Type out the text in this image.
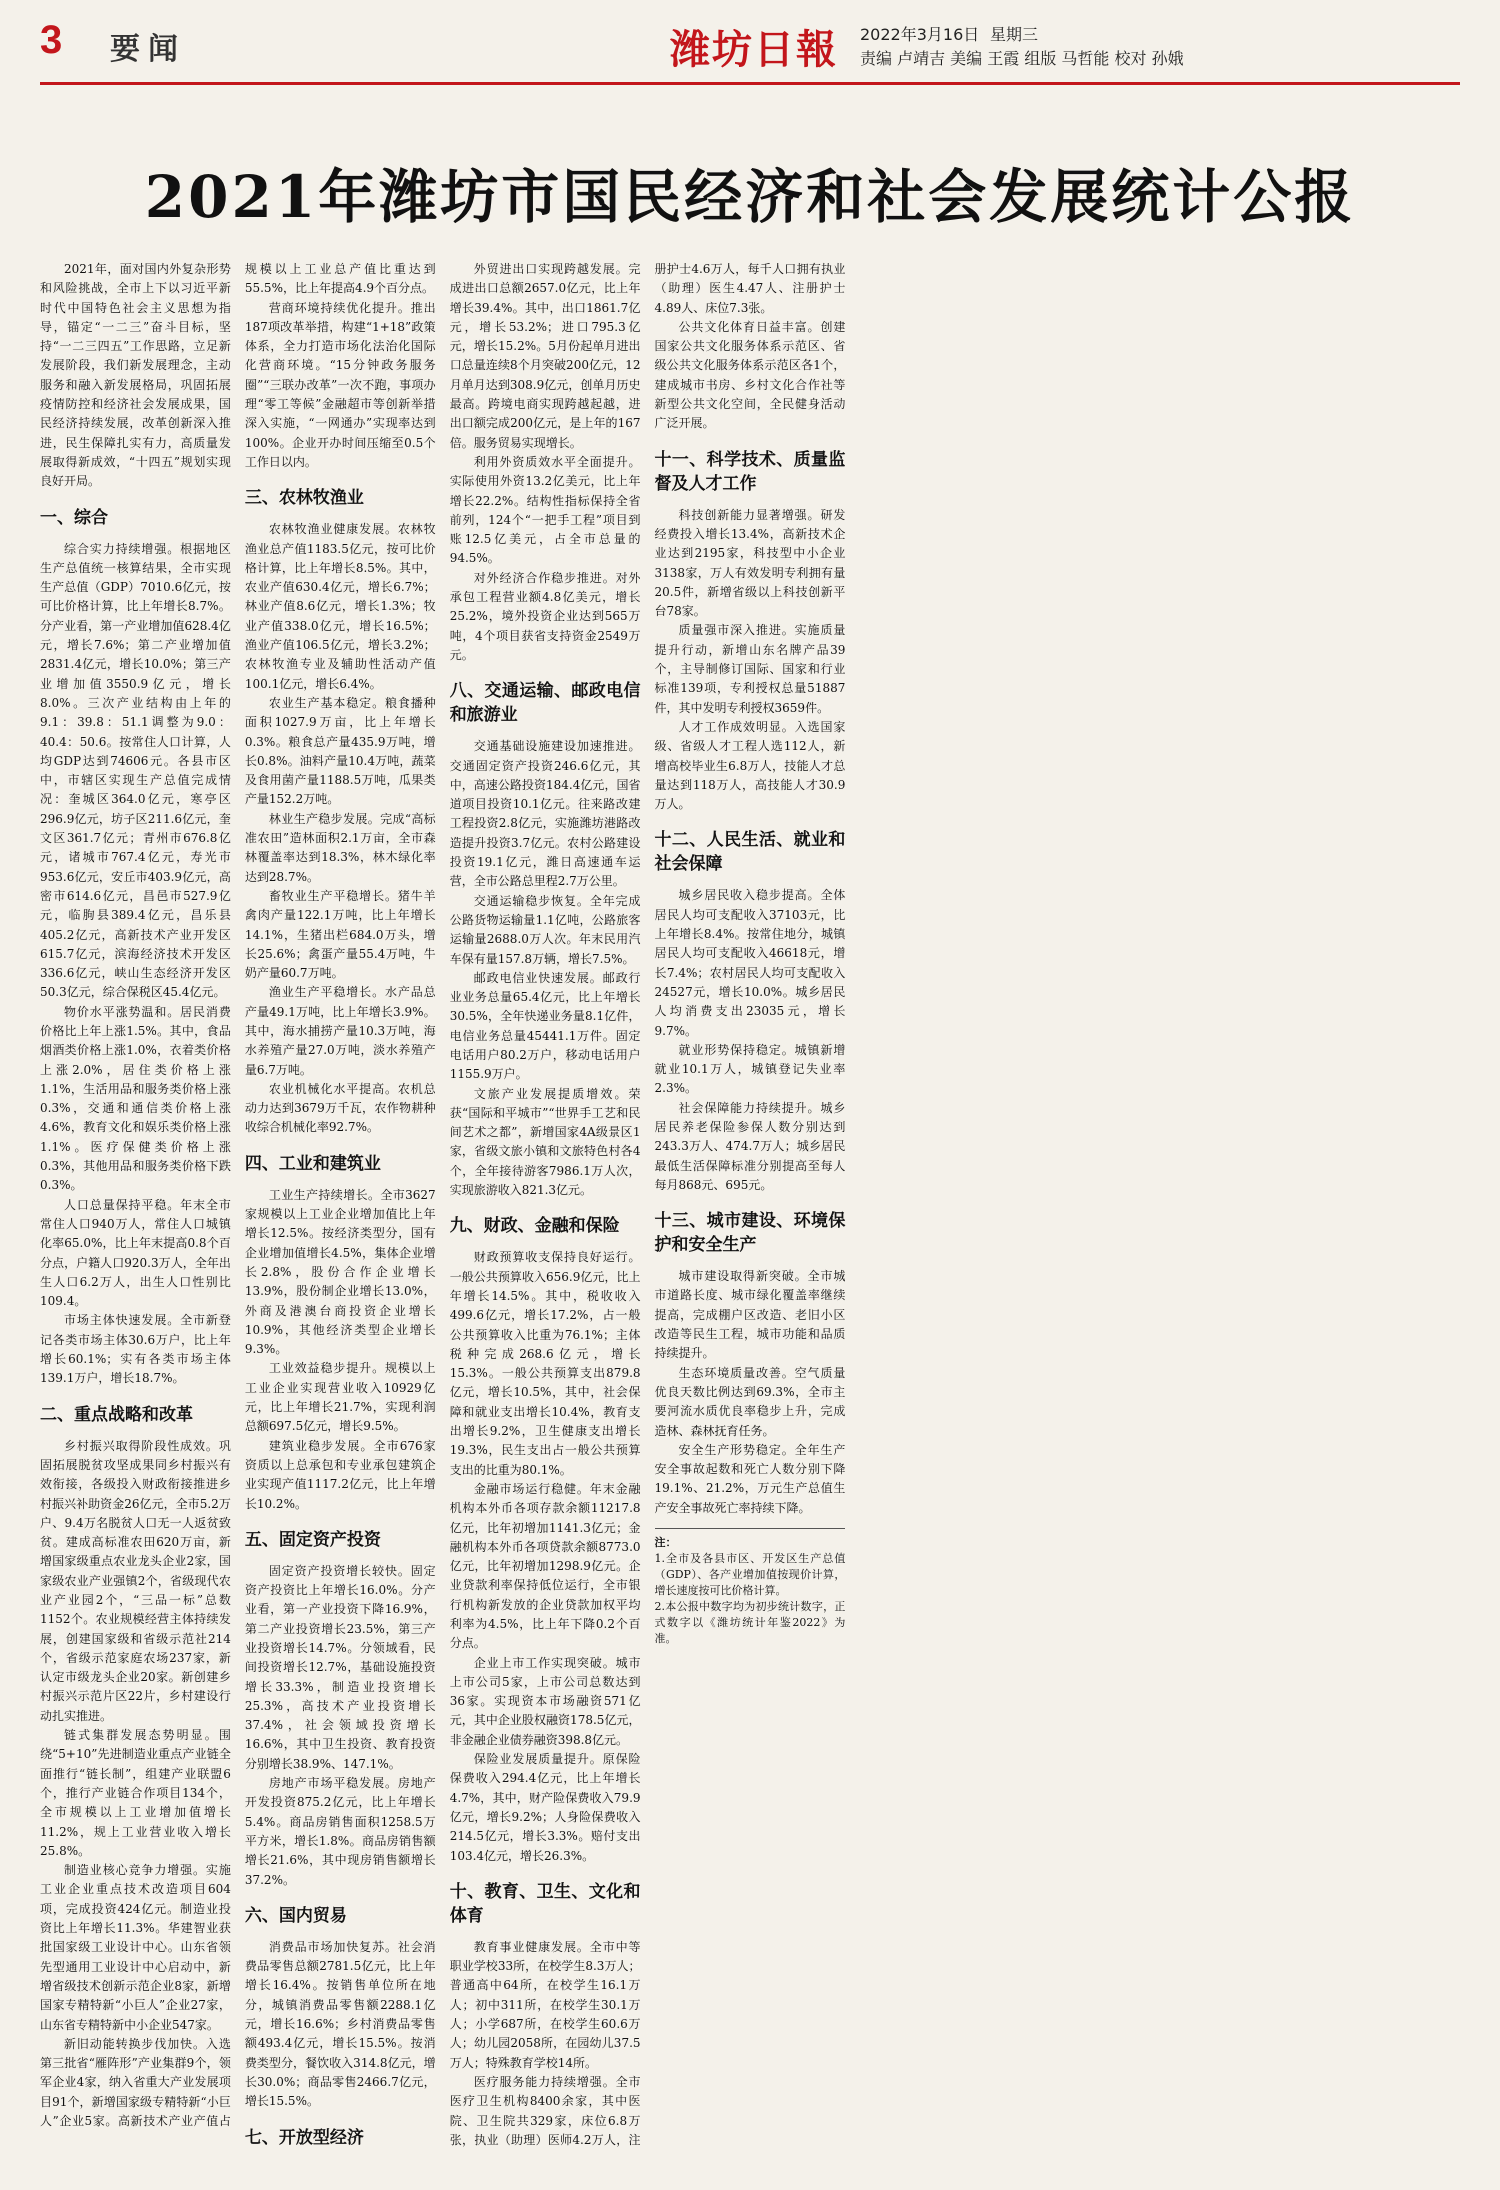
3 要闻	潍坊日報 2022年3月16日 星期三
责编 卢靖吉 美编 王霞 组版 马哲能 校对 孙娥
2021年潍坊市国民经济和社会发展统计公报

2021年，面对国内外复杂形势和风险挑战，全市上下以习近平新时代中国特色社会主义思想为指导，锚定“一二三”奋斗目标，坚持“一二三四五”工作思路，立足新发展阶段，我们新发展理念，主动服务和融入新发展格局，巩固拓展疫情防控和经济社会发展成果，国民经济持续发展，改革创新深入推进，民生保障扎实有力，高质量发展取得新成效，“十四五”规划实现良好开局。

一、综合

综合实力持续增强。根据地区生产总值统一核算结果，全市实现生产总值（GDP）7010.6亿元，按可比价格计算，比上年增长8.7%。分产业看，第一产业增加值628.4亿元，增长7.6%；第二产业增加值2831.4亿元，增长10.0%；第三产业增加值3550.9亿元，增长8.0%。三次产业结构由上年的9.1：39.8：51.1调整为9.0：40.4：50.6。按常住人口计算，人均GDP达到74606元。各县市区中，市辖区实现生产总值完成情况：奎城区364.0亿元，寒亭区296.9亿元，坊子区211.6亿元，奎文区361.7亿元；青州市676.8亿元，诸城市767.4亿元，寿光市953.6亿元，安丘市403.9亿元，高密市614.6亿元，昌邑市527.9亿元，临朐县389.4亿元，昌乐县405.2亿元，高新技术产业开发区615.7亿元，滨海经济技术开发区336.6亿元，峡山生态经济开发区50.3亿元，综合保税区45.4亿元。

物价水平涨势温和。居民消费价格比上年上涨1.5%。其中，食品烟酒类价格上涨1.0%，衣着类价格上涨2.0%，居住类价格上涨1.1%，生活用品和服务类价格上涨0.3%，交通和通信类价格上涨4.6%，教育文化和娱乐类价格上涨1.1%。医疗保健类价格上涨0.3%，其他用品和服务类价格下跌0.3%。

人口总量保持平稳。年末全市常住人口940万人，常住人口城镇化率65.0%，比上年末提高0.8个百分点，户籍人口920.3万人，全年出生人口6.2万人，出生人口性别比109.4。

市场主体快速发展。全市新登记各类市场主体30.6万户，比上年增长60.1%；实有各类市场主体139.1万户，增长18.7%。

二、重点战略和改革

乡村振兴取得阶段性成效。巩固拓展脱贫攻坚成果同乡村振兴有效衔接，各级投入财政衔接推进乡村振兴补助资金26亿元，全市5.2万户、9.4万名脱贫人口无一人返贫致贫。建成高标准农田620万亩，新增国家级重点农业龙头企业2家，国家级农业产业强镇2个，省级现代农业产业园2个，“三品一标”总数1152个。农业规模经营主体持续发展，创建国家级和省级示范社214个，省级示范家庭农场237家，新认定市级龙头企业20家。新创建乡村振兴示范片区22片，乡村建设行动扎实推进。

链式集群发展态势明显。围绕“5+10”先进制造业重点产业链全面推行“链长制”，组建产业联盟6个，推行产业链合作项目134个，全市规模以上工业增加值增长11.2%，规上工业营业收入增长25.8%。

制造业核心竞争力增强。实施工业企业重点技术改造项目604项，完成投资424亿元。制造业投资比上年增长11.3%。华建智业获批国家级工业设计中心。山东省领先型通用工业设计中心启动中，新增省级技术创新示范企业8家，新增国家专精特新“小巨人”企业27家，山东省专精特新中小企业547家。

新旧动能转换步伐加快。入选第三批省“雁阵形”产业集群9个，领军企业4家，纳入省重大产业发展项目91个，新增国家级专精特新“小巨人”企业5家。高新技术产业产值占规模以上工业总产值比重达到55.5%，比上年提高4.9个百分点。

营商环境持续优化提升。推出187项改革举措，构建“1+18”政策体系，全力打造市场化法治化国际化营商环境。“15分钟政务服务圈”“三联办改革”一次不跑，事项办理“零工等候”金融超市等创新举措深入实施，“一网通办”实现率达到100%。企业开办时间压缩至0.5个工作日以内。

三、农林牧渔业

农林牧渔业健康发展。农林牧渔业总产值1183.5亿元，按可比价格计算，比上年增长8.5%。其中，农业产值630.4亿元，增长6.7%；林业产值8.6亿元，增长1.3%；牧业产值338.0亿元，增长16.5%；渔业产值106.5亿元，增长3.2%；农林牧渔专业及辅助性活动产值100.1亿元，增长6.4%。

农业生产基本稳定。粮食播种面积1027.9万亩，比上年增长0.3%。粮食总产量435.9万吨，增长0.8%。油料产量10.4万吨，蔬菜及食用菌产量1188.5万吨，瓜果类产量152.2万吨。

林业生产稳步发展。完成“高标准农田”造林面积2.1万亩，全市森林覆盖率达到18.3%，林木绿化率达到28.7%。

畜牧业生产平稳增长。猪牛羊禽肉产量122.1万吨，比上年增长14.1%，生猪出栏684.0万头，增长25.6%；禽蛋产量55.4万吨，牛奶产量60.7万吨。

渔业生产平稳增长。水产品总产量49.1万吨，比上年增长3.9%。其中，海水捕捞产量10.3万吨，海水养殖产量27.0万吨，淡水养殖产量6.7万吨。

农业机械化水平提高。农机总动力达到3679万千瓦，农作物耕种收综合机械化率92.7%。

四、工业和建筑业

工业生产持续增长。全市3627家规模以上工业企业增加值比上年增长12.5%。按经济类型分，国有企业增加值增长4.5%，集体企业增长2.8%，股份合作企业增长13.9%，股份制企业增长13.0%，外商及港澳台商投资企业增长10.9%，其他经济类型企业增长9.3%。

工业效益稳步提升。规模以上工业企业实现营业收入10929亿元，比上年增长21.7%，实现利润总额697.5亿元，增长9.5%。

建筑业稳步发展。全市676家资质以上总承包和专业承包建筑企业实现产值1117.2亿元，比上年增长10.2%。

五、固定资产投资

固定资产投资增长较快。固定资产投资比上年增长16.0%。分产业看，第一产业投资下降16.9%，第二产业投资增长23.5%，第三产业投资增长14.7%。分领域看，民间投资增长12.7%，基础设施投资增长33.3%，制造业投资增长25.3%，高技术产业投资增长37.4%，社会领域投资增长16.6%，其中卫生投资、教育投资分别增长38.9%、147.1%。

房地产市场平稳发展。房地产开发投资875.2亿元，比上年增长5.4%。商品房销售面积1258.5万平方米，增长1.8%。商品房销售额增长21.6%，其中现房销售额增长37.2%。

六、国内贸易

消费品市场加快复苏。社会消费品零售总额2781.5亿元，比上年增长16.4%。按销售单位所在地分，城镇消费品零售额2288.1亿元，增长16.6%；乡村消费品零售额493.4亿元，增长15.5%。按消费类型分，餐饮收入314.8亿元，增长30.0%；商品零售2466.7亿元，增长15.5%。

七、开放型经济

外贸进出口实现跨越发展。完成进出口总额2657.0亿元，比上年增长39.4%。其中，出口1861.7亿元，增长53.2%；进口795.3亿元，增长15.2%。5月份起单月进出口总量连续8个月突破200亿元，12月单月达到308.9亿元，创单月历史最高。跨境电商实现跨越起越，进出口额完成200亿元，是上年的167倍。服务贸易实现增长。

利用外资质效水平全面提升。实际使用外资13.2亿美元，比上年增长22.2%。结构性指标保持全省前列，124个“一把手工程”项目到账12.5亿美元，占全市总量的94.5%。

对外经济合作稳步推进。对外承包工程营业额4.8亿美元，增长25.2%，境外投资企业达到565万吨，4个项目获省支持资金2549万元。

八、交通运输、邮政电信和旅游业

交通基础设施建设加速推进。交通固定资产投资246.6亿元，其中，高速公路投资184.4亿元，国省道项目投资10.1亿元。往来路改建工程投资2.8亿元，实施潍坊港路改造提升投资3.7亿元。农村公路建设投资19.1亿元，潍日高速通车运营，全市公路总里程2.7万公里。

交通运输稳步恢复。全年完成公路货物运输量1.1亿吨，公路旅客运输量2688.0万人次。年末民用汽车保有量157.8万辆，增长7.5%。

邮政电信业快速发展。邮政行业业务总量65.4亿元，比上年增长30.5%，全年快递业务量8.1亿件，电信业务总量45441.1万件。固定电话用户80.2万户，移动电话用户1155.9万户。

文旅产业发展提质增效。荣获“国际和平城市”“世界手工艺和民间艺术之都”，新增国家4A级景区1家，省级文旅小镇和文旅特色村各4个，全年接待游客7986.1万人次，实现旅游收入821.3亿元。

九、财政、金融和保险

财政预算收支保持良好运行。一般公共预算收入656.9亿元，比上年增长14.5%。其中，税收收入499.6亿元，增长17.2%，占一般公共预算收入比重为76.1%；主体税种完成268.6亿元，增长15.3%。一般公共预算支出879.8亿元，增长10.5%，其中，社会保障和就业支出增长10.4%，教育支出增长9.2%，卫生健康支出增长19.3%，民生支出占一般公共预算支出的比重为80.1%。

金融市场运行稳健。年末金融机构本外币各项存款余额11217.8亿元，比年初增加1141.3亿元；金融机构本外币各项贷款余额8773.0亿元，比年初增加1298.9亿元。企业贷款利率保持低位运行，全市银行机构新发放的企业贷款加权平均利率为4.5%，比上年下降0.2个百分点。

企业上市工作实现突破。城市上市公司5家，上市公司总数达到36家。实现资本市场融资571亿元，其中企业股权融资178.5亿元，非金融企业债券融资398.8亿元。

保险业发展质量提升。原保险保费收入294.4亿元，比上年增长4.7%，其中，财产险保费收入79.9亿元，增长9.2%；人身险保费收入214.5亿元，增长3.3%。赔付支出103.4亿元，增长26.3%。

十、教育、卫生、文化和体育

教育事业健康发展。全市中等职业学校33所，在校学生8.3万人；普通高中64所，在校学生16.1万人；初中311所，在校学生30.1万人；小学687所，在校学生60.6万人；幼儿园2058所，在园幼儿37.5万人；特殊教育学校14所。

医疗服务能力持续增强。全市医疗卫生机构8400余家，其中医院、卫生院共329家，床位6.8万张，执业（助理）医师4.2万人，注册护士4.6万人，每千人口拥有执业（助理）医生4.47人、注册护士4.89人、床位7.3张。

公共文化体育日益丰富。创建国家公共文化服务体系示范区、省级公共文化服务体系示范区各1个，建成城市书房、乡村文化合作社等新型公共文化空间，全民健身活动广泛开展。

十一、科学技术、质量监督及人才工作

科技创新能力显著增强。研发经费投入增长13.4%，高新技术企业达到2195家，科技型中小企业3138家，万人有效发明专利拥有量20.5件，新增省级以上科技创新平台78家。

质量强市深入推进。实施质量提升行动，新增山东名牌产品39个，主导制修订国际、国家和行业标准139项，专利授权总量51887件，其中发明专利授权3659件。

人才工作成效明显。入选国家级、省级人才工程人选112人，新增高校毕业生6.8万人，技能人才总量达到118万人，高技能人才30.9万人。

十二、人民生活、就业和社会保障

城乡居民收入稳步提高。全体居民人均可支配收入37103元，比上年增长8.4%。按常住地分，城镇居民人均可支配收入46618元，增长7.4%；农村居民人均可支配收入24527元，增长10.0%。城乡居民人均消费支出23035元，增长9.7%。

就业形势保持稳定。城镇新增就业10.1万人，城镇登记失业率2.3%。

社会保障能力持续提升。城乡居民养老保险参保人数分别达到243.3万人、474.7万人；城乡居民最低生活保障标准分别提高至每人每月868元、695元。

十三、城市建设、环境保护和安全生产

城市建设取得新突破。全市城市道路长度、城市绿化覆盖率继续提高，完成棚户区改造、老旧小区改造等民生工程，城市功能和品质持续提升。

生态环境质量改善。空气质量优良天数比例达到69.3%，全市主要河流水质优良率稳步上升，完成造林、森林抚育任务。

安全生产形势稳定。全年生产安全事故起数和死亡人数分别下降19.1%、21.2%，万元生产总值生产安全事故死亡率持续下降。

注：
1.全市及各县市区、开发区生产总值（GDP）、各产业增加值按现价计算，增长速度按可比价格计算。
2.本公报中数字均为初步统计数字，正式数字以《潍坊统计年鉴2022》为准。
